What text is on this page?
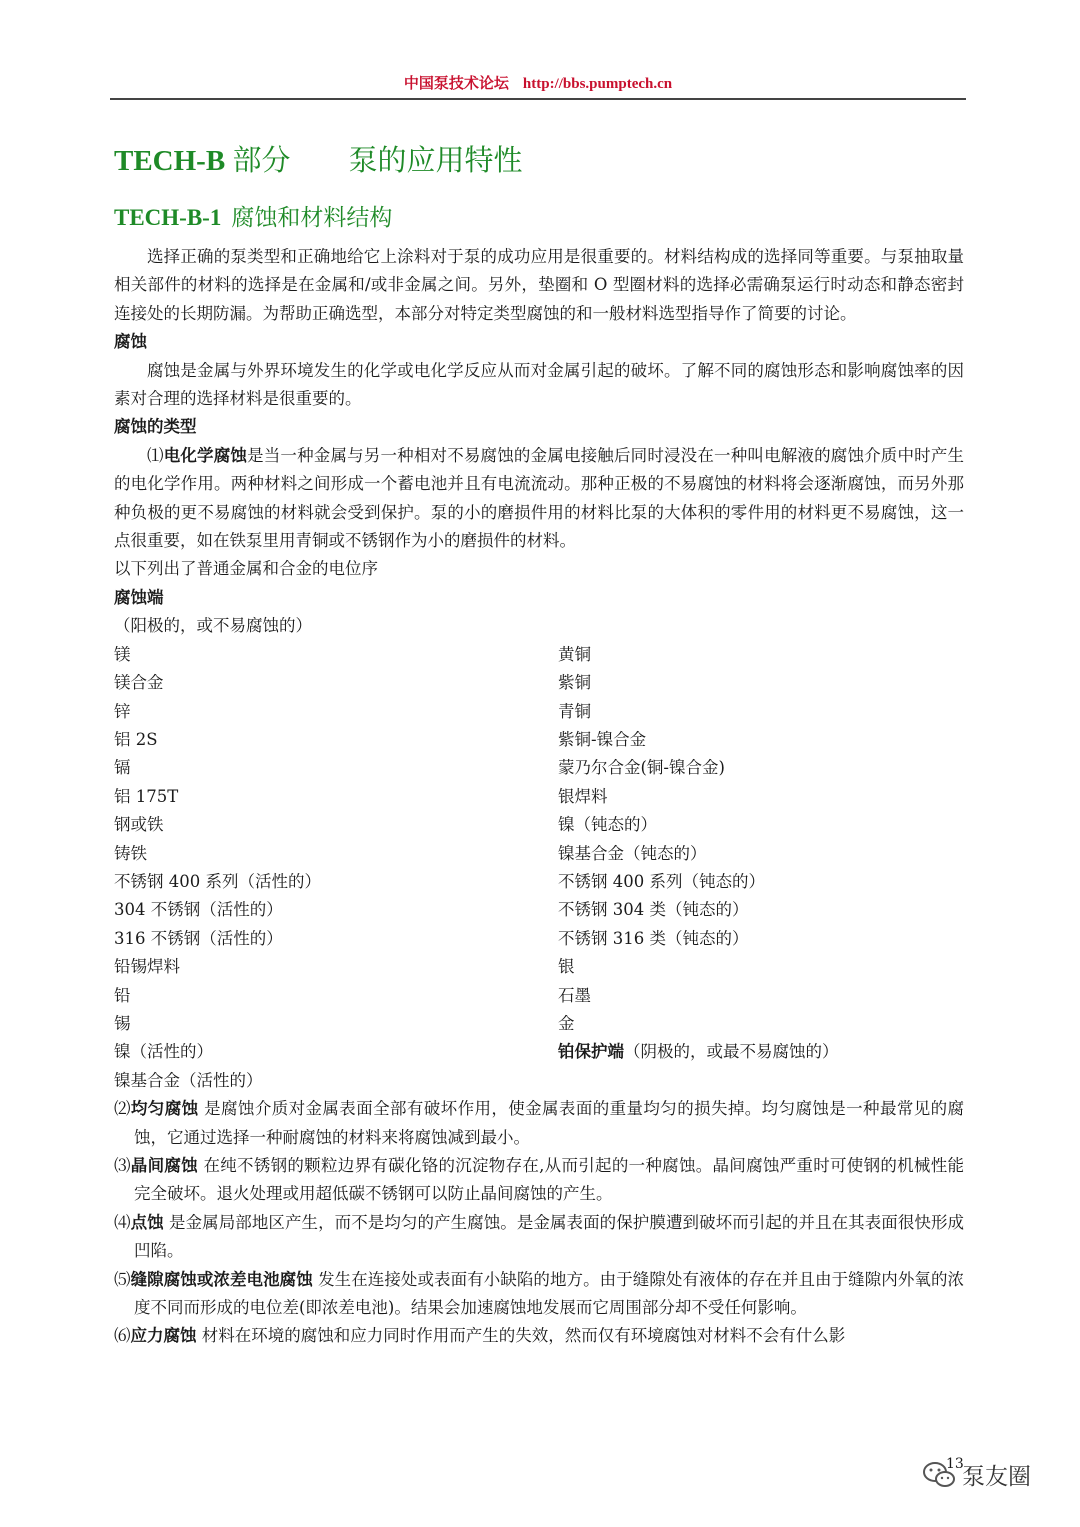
中国泵技术论坛 http://bbs.pumptech.cn
TECH-B 部分 泵的应用特性
TECH-B-1 腐蚀和材料结构

选择正确的泵类型和正确地给它上涂料对于泵的成功应用是很重要的。材料结构成的选择同等重要。与泵抽取量相关部件的材料的选择是在金属和/或非金属之间。另外，垫圈和 O 型圈材料的选择必需确泵运行时动态和静态密封连接处的长期防漏。为帮助正确选型，本部分对特定类型腐蚀的和一般材料选型指导作了简要的讨论。

腐蚀

腐蚀是金属与外界环境发生的化学或电化学反应从而对金属引起的破坏。了解不同的腐蚀形态和影响腐蚀率的因素对合理的选择材料是很重要的。

腐蚀的类型

⑴电化学腐蚀是当一种金属与另一种相对不易腐蚀的金属电接触后同时浸没在一种叫电解液的腐蚀介质中时产生的电化学作用。两种材料之间形成一个蓄电池并且有电流流动。那种正极的不易腐蚀的材料将会逐渐腐蚀，而另外那种负极的更不易腐蚀的材料就会受到保护。泵的小的磨损件用的材料比泵的大体积的零件用的材料更不易腐蚀，这一点很重要，如在铁泵里用青铜或不锈钢作为小的磨损件的材料。

以下列出了普通金属和合金的电位序

腐蚀端

（阳极的，或不易腐蚀的）

镁
镁合金
锌
铝 2S
镉
铝 175T
钢或铁
铸铁
不锈钢 400 系列（活性的）
304 不锈钢（活性的）
316 不锈钢（活性的）
铅锡焊料
铅
锡
镍（活性的）
镍基合金（活性的）
黄铜
紫铜
青铜
紫铜-镍合金
蒙乃尔合金(铜-镍合金)
银焊料
镍（钝态的）
镍基合金（钝态的）
不锈钢 400 系列（钝态的）
不锈钢 304 类（钝态的）
不锈钢 316 类（钝态的）
银
石墨
金
铂保护端（阴极的，或最不易腐蚀的）
⑵均匀腐蚀 是腐蚀介质对金属表面全部有破坏作用，使金属表面的重量均匀的损失掉。均匀腐蚀是一种最常见的腐蚀，它通过选择一种耐腐蚀的材料来将腐蚀减到最小。
⑶晶间腐蚀 在纯不锈钢的颗粒边界有碳化铬的沉淀物存在,从而引起的一种腐蚀。晶间腐蚀严重时可使钢的机械性能完全破坏。退火处理或用超低碳不锈钢可以防止晶间腐蚀的产生。
⑷点蚀 是金属局部地区产生，而不是均匀的产生腐蚀。是金属表面的保护膜遭到破坏而引起的并且在其表面很快形成凹陷。
⑸缝隙腐蚀或浓差电池腐蚀 发生在连接处或表面有小缺陷的地方。由于缝隙处有液体的存在并且由于缝隙内外氧的浓度不同而形成的电位差(即浓差电池)。结果会加速腐蚀地发展而它周围部分却不受任何影响。
⑹应力腐蚀 材料在环境的腐蚀和应力同时作用而产生的失效，然而仅有环境腐蚀对材料不会有什么影
13
泵友圈
